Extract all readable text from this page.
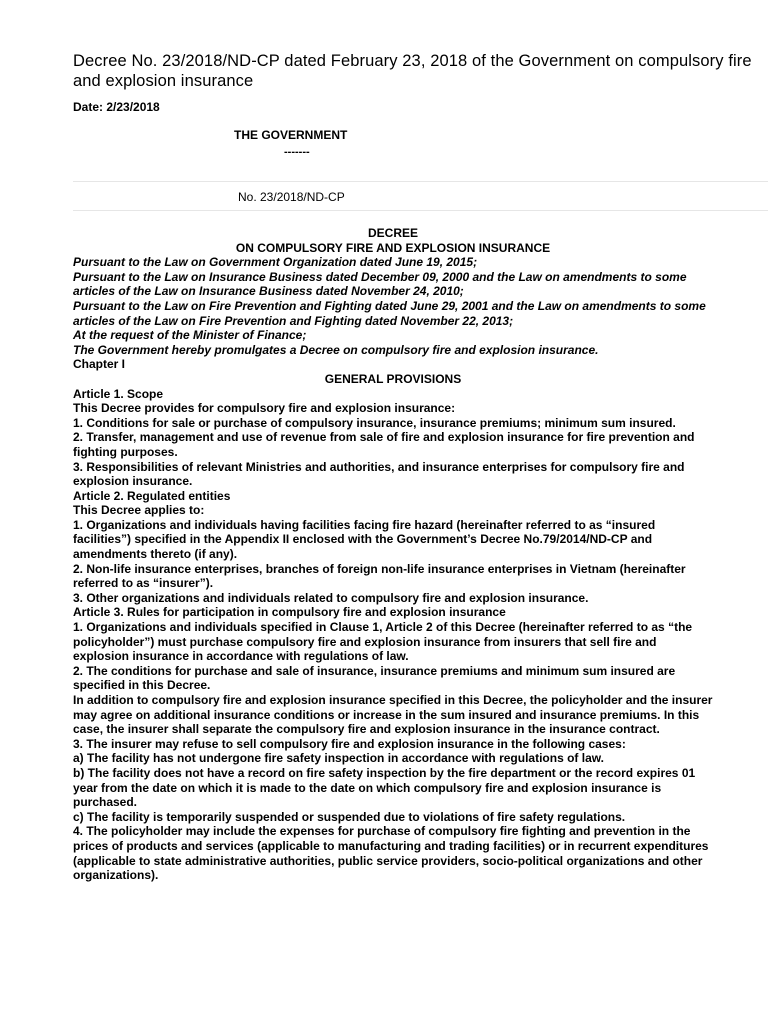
Decree No. 23/2018/ND-CP dated February 23, 2018 of the Government on compulsory fire and explosion insurance
Date: 2/23/2018
THE GOVERNMENT
-------
No. 23/2018/ND-CP

DECREE

ON COMPULSORY FIRE AND EXPLOSION INSURANCE

Pursuant to the Law on Government Organization dated June 19, 2015;

Pursuant to the Law on Insurance Business dated December 09, 2000 and the Law on amendments to some articles of the Law on Insurance Business dated November 24, 2010;

Pursuant to the Law on Fire Prevention and Fighting dated June 29, 2001 and the Law on amendments to some articles of the Law on Fire Prevention and Fighting dated November 22, 2013;

At the request of the Minister of Finance;

The Government hereby promulgates a Decree on compulsory fire and explosion insurance.

Chapter I

GENERAL PROVISIONS

Article 1. Scope

This Decree provides for compulsory fire and explosion insurance:

1. Conditions for sale or purchase of compulsory insurance, insurance premiums; minimum sum insured.

2. Transfer, management and use of revenue from sale of fire and explosion insurance for fire prevention and fighting purposes.

3. Responsibilities of relevant Ministries and authorities, and insurance enterprises for compulsory fire and explosion insurance.

Article 2. Regulated entities

This Decree applies to:

1. Organizations and individuals having facilities facing fire hazard (hereinafter referred to as “insured facilities”) specified in the Appendix II enclosed with the Government’s Decree No.79/2014/ND-CP and amendments thereto (if any).

2. Non-life insurance enterprises, branches of foreign non-life insurance enterprises in Vietnam (hereinafter referred to as “insurer”).

3. Other organizations and individuals related to compulsory fire and explosion insurance.

Article 3. Rules for participation in compulsory fire and explosion insurance

1. Organizations and individuals specified in Clause 1, Article 2 of this Decree (hereinafter referred to as “the policyholder”) must purchase compulsory fire and explosion insurance from insurers that sell fire and explosion insurance in accordance with regulations of law.

2. The conditions for purchase and sale of insurance, insurance premiums and minimum sum insured are specified in this Decree.

In addition to compulsory fire and explosion insurance specified in this Decree, the policyholder and the insurer may agree on additional insurance conditions or increase in the sum insured and insurance premiums. In this case, the insurer shall separate the compulsory fire and explosion insurance in the insurance contract.

3. The insurer may refuse to sell compulsory fire and explosion insurance in the following cases:

a) The facility has not undergone fire safety inspection in accordance with regulations of law.

b) The facility does not have a record on fire safety inspection by the fire department or the record expires 01 year from the date on which it is made to the date on which compulsory fire and explosion insurance is purchased.

c) The facility is temporarily suspended or suspended due to violations of fire safety regulations.

4. The policyholder may include the expenses for purchase of compulsory fire fighting and prevention in the prices of products and services (applicable to manufacturing and trading facilities) or in recurrent expenditures (applicable to state administrative authorities, public service providers, socio-political organizations and other organizations).
